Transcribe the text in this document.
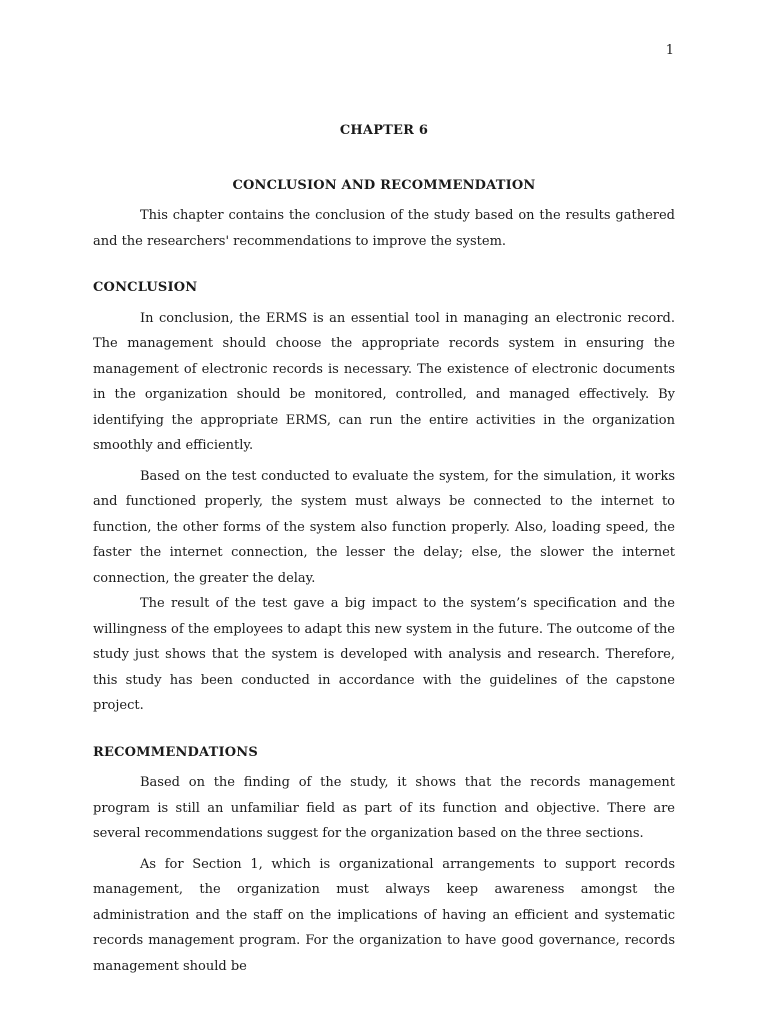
1
CHAPTER 6
CONCLUSION AND RECOMMENDATION

This chapter contains the conclusion of the study based on the results gathered and the researchers' recommendations to improve the system.

CONCLUSION

In conclusion, the ERMS is an essential tool in managing an electronic record. The management should choose the appropriate records system in ensuring the management of electronic records is necessary. The existence of electronic documents in the organization should be monitored, controlled, and managed effectively. By identifying the appropriate ERMS, can run the entire activities in the organization smoothly and efficiently.

Based on the test conducted to evaluate the system, for the simulation, it works and functioned properly, the system must always be connected to the internet to function, the other forms of the system also function properly. Also, loading speed, the faster the internet connection, the lesser the delay; else, the slower the internet connection, the greater the delay.

The result of the test gave a big impact to the system’s specification and the willingness of the employees to adapt this new system in the future. The outcome of the study just shows that the system is developed with analysis and research. Therefore, this study has been conducted in accordance with the guidelines of the capstone project.

RECOMMENDATIONS

Based on the finding of the study, it shows that the records management program is still an unfamiliar field as part of its function and objective. There are several recommendations suggest for the organization based on the three sections.

As for Section 1, which is organizational arrangements to support records management, the organization must always keep awareness amongst the administration and the staff on the implications of having an efficient and systematic records management program. For the organization to have good governance, records management should be
